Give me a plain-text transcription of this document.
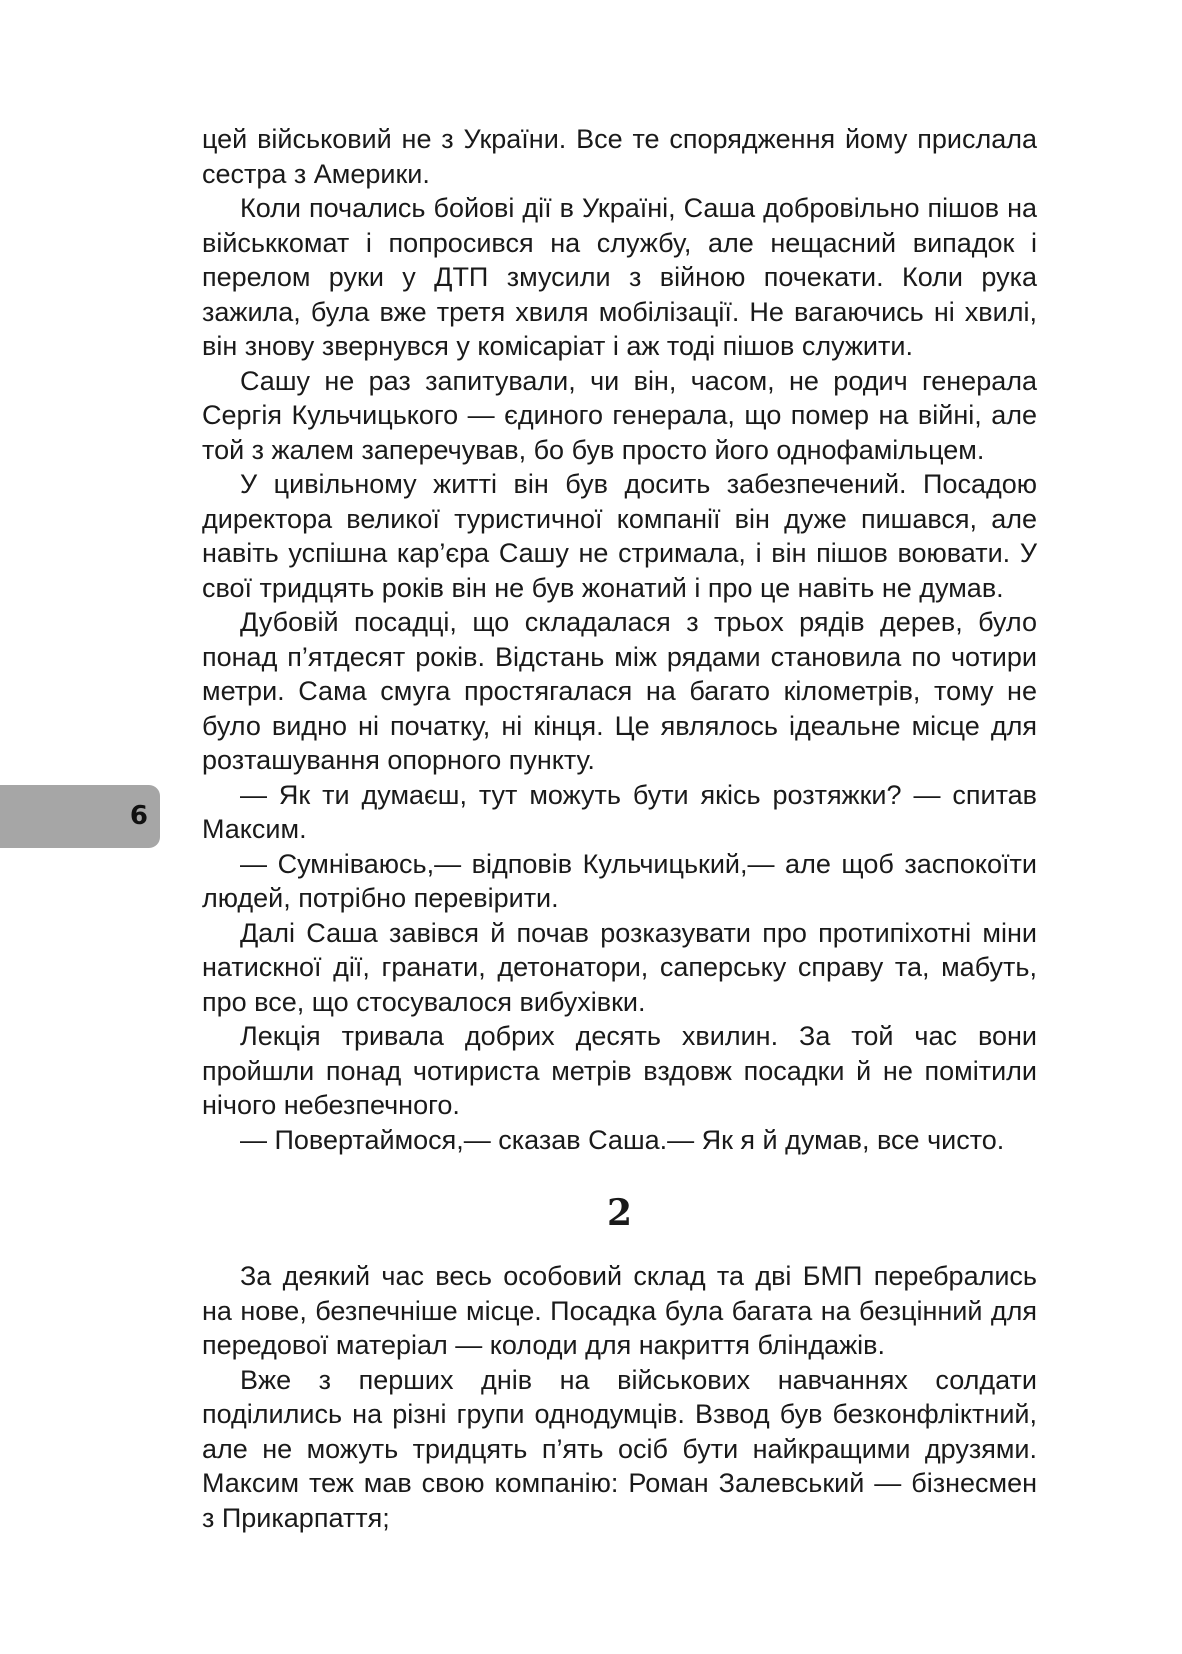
цей військовий не з України. Все те спорядження йому прислала сестра з Америки.

Коли почались бойові дії в Україні, Саша добровільно пішов на військкомат і попросився на службу, але нещасний випадок і перелом руки у ДТП змусили з війною почекати. Коли рука зажила, була вже третя хвиля мобілізації. Не вагаючись ні хвилі, він знову звернувся у комісаріат і аж тоді пішов служити.

Сашу не раз запитували, чи він, часом, не родич генерала Сергія Кульчицького — єдиного генерала, що помер на війні, але той з жалем заперечував, бо був просто його однофамільцем.

У цивільному житті він був досить забезпечений. Посадою директора великої туристичної компанії він дуже пишався, але навіть успішна кар’єра Сашу не стримала, і він пішов воювати. У свої тридцять років він не був жонатий і про це навіть не думав.

Дубовій посадці, що складалася з трьох рядів дерев, було понад п’ятдесят років. Відстань між рядами становила по чотири метри. Сама смуга простягалася на багато кілометрів, тому не було видно ні початку, ні кінця. Це являлось ідеальне місце для розташування опорного пункту.

— Як ти думаєш, тут можуть бути якісь розтяжки? — спитав Максим.

— Сумніваюсь,— відповів Кульчицький,— але щоб заспокоїти людей, потрібно перевірити.

Далі Саша завівся й почав розказувати про протипіхотні міни натискної дії, гранати, детонатори, саперську справу та, мабуть, про все, що стосувалося вибухівки.

Лекція тривала добрих десять хвилин. За той час вони пройшли понад чотириста метрів вздовж посадки й не помітили нічого небезпечного.

— Повертаймося,— сказав Саша.— Як я й думав, все чисто.

2

За деякий час весь особовий склад та дві БМП перебрались на нове, безпечніше місце. Посадка була багата на безцінний для передової матеріал — колоди для накриття бліндажів.

Вже з перших днів на військових навчаннях солдати поділились на різні групи однодумців. Взвод був безконфліктний, але не можуть тридцять п’ять осіб бути найкращими друзями. Максим теж мав свою компанію: Роман Залевський — бізнесмен з Прикарпаття;

6
